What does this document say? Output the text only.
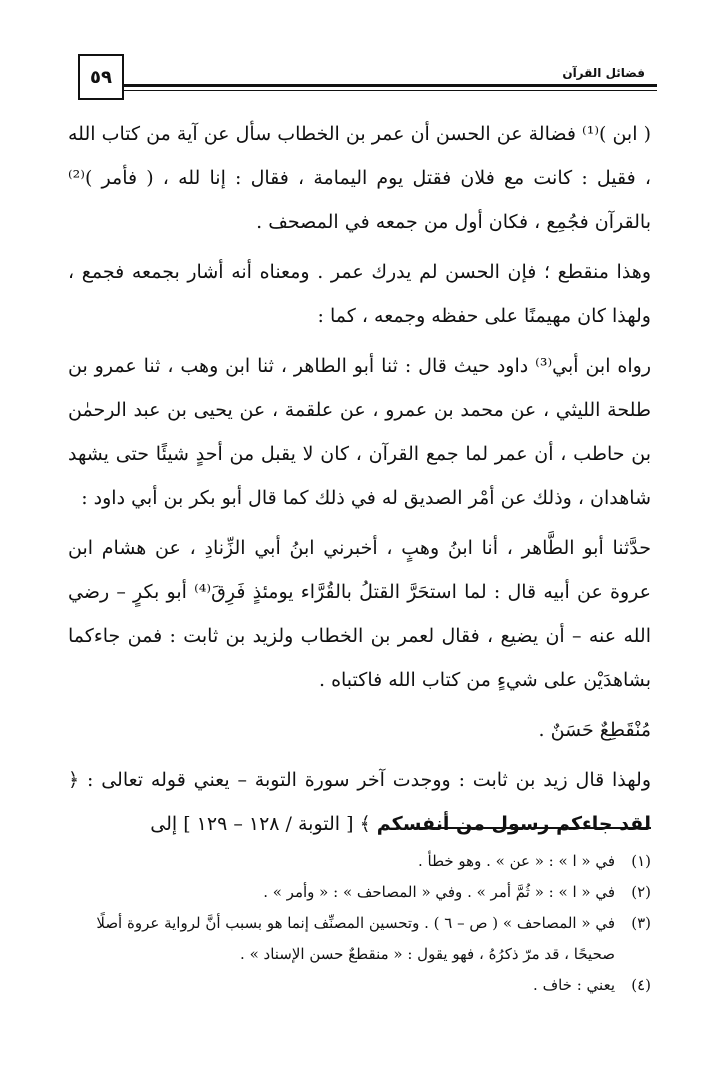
٥٩	فضائل القرآن

( ابن )⁽¹⁾ فضالة عن الحسن أن عمر بن الخطاب سأل عن آية من كتاب الله ، فقيل : كانت مع فلان فقتل يوم اليمامة ، فقال : إنا لله ، ( فأمر )⁽²⁾ بالقرآن فجُمِع ، فكان أول من جمعه في المصحف .

وهذا منقطع ؛ فإن الحسن لم يدرك عمر . ومعناه أنه أشار بجمعه فجمع ، ولهذا كان مهيمنًا على حفظه وجمعه ، كما :

رواه ابن أبي⁽³⁾ داود حيث قال : ثنا أبو الطاهر ، ثنا ابن وهب ، ثنا عمرو بن طلحة الليثي ، عن محمد بن عمرو ، عن علقمة ، عن يحيى بن عبد الرحمٰن بن حاطب ، أن عمر لما جمع القرآن ، كان لا يقبل من أحدٍ شيئًا حتى يشهد شاهدان ، وذلك عن أمْر الصديق له في ذلك كما قال أبو بكر بن أبي داود :

حدَّثنا أبو الطَّاهر ، أنا ابنُ وهبٍ ، أخبرني ابنُ أبي الزِّنادِ ، عن هشام ابن عروة عن أبيه قال : لما استحَرَّ القتلُ بالقُرَّاء يومئذٍ فَرِقَ⁽⁴⁾ أبو بكرٍ – رضي الله عنه – أن يضيع ، فقال لعمر بن الخطاب ولزيد بن ثابت : فمن جاءكما بشاهدَيْن على شيءٍ من كتاب الله فاكتباه .

مُنْقَطِعٌ حَسَنٌ .

ولهذا قال زيد بن ثابت : ووجدت آخر سورة التوبة – يعني قوله تعالى : ﴿ لقد جاءكم رسول من أنفسكم ﴾ [ التوبة / ١٢٨ – ١٢٩ ] إلى

(١)
في « ا » : « عن » . وهو خطأ .
(٢)
في « ا » : « ثُمَّ أمر » . وفي « المصاحف » : « وأمر » .
(٣)
في « المصاحف » ( ص – ٦ ) . وتحسين المصنِّف إنما هو بسبب أنَّ لرواية عروة أصلًا صحيحًا ، قد مرّ ذكرُهُ ، فهو يقول : « منقطعٌ حسن الإسناد » .
(٤)
يعني : خاف .
